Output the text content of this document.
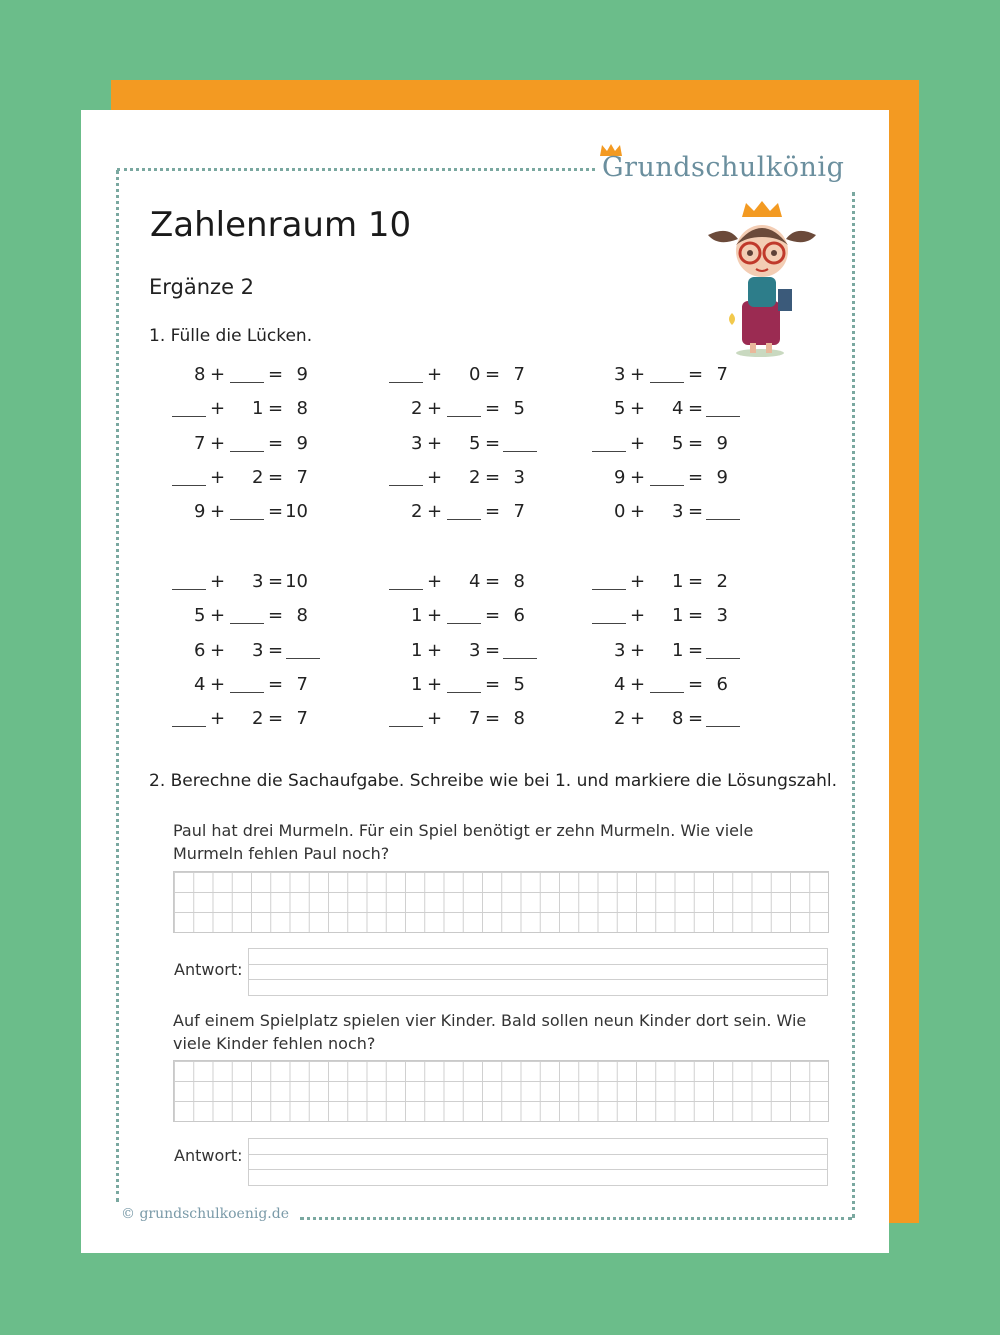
Grundschulkönig
Zahlenraum 10
Ergänze 2
1. Fülle die Lücken.
8 + = 9
+ 1 = 8
7 + = 9
+ 2 = 7
9 + = 10
+ 0 = 7
2 + = 5
3 + 5 =
+ 2 = 3
2 + = 7
3 + = 7
5 + 4 =
+ 5 = 9
9 + = 9
0 + 3 =
+ 3 = 10
5 + = 8
6 + 3 =
4 + = 7
+ 2 = 7
+ 4 = 8
1 + = 6
1 + 3 =
1 + = 5
+ 7 = 8
+ 1 = 2
+ 1 = 3
3 + 1 =
4 + = 6
2 + 8 =
2. Berechne die Sachaufgabe. Schreibe wie bei 1. und markiere die Lösungszahl.
Paul hat drei Murmeln. Für ein Spiel benötigt er zehn Murmeln. Wie viele Murmeln fehlen Paul noch?
Antwort:
Auf einem Spielplatz spielen vier Kinder. Bald sollen neun Kinder dort sein. Wie viele Kinder fehlen noch?
Antwort:
© grundschulkoenig.de
